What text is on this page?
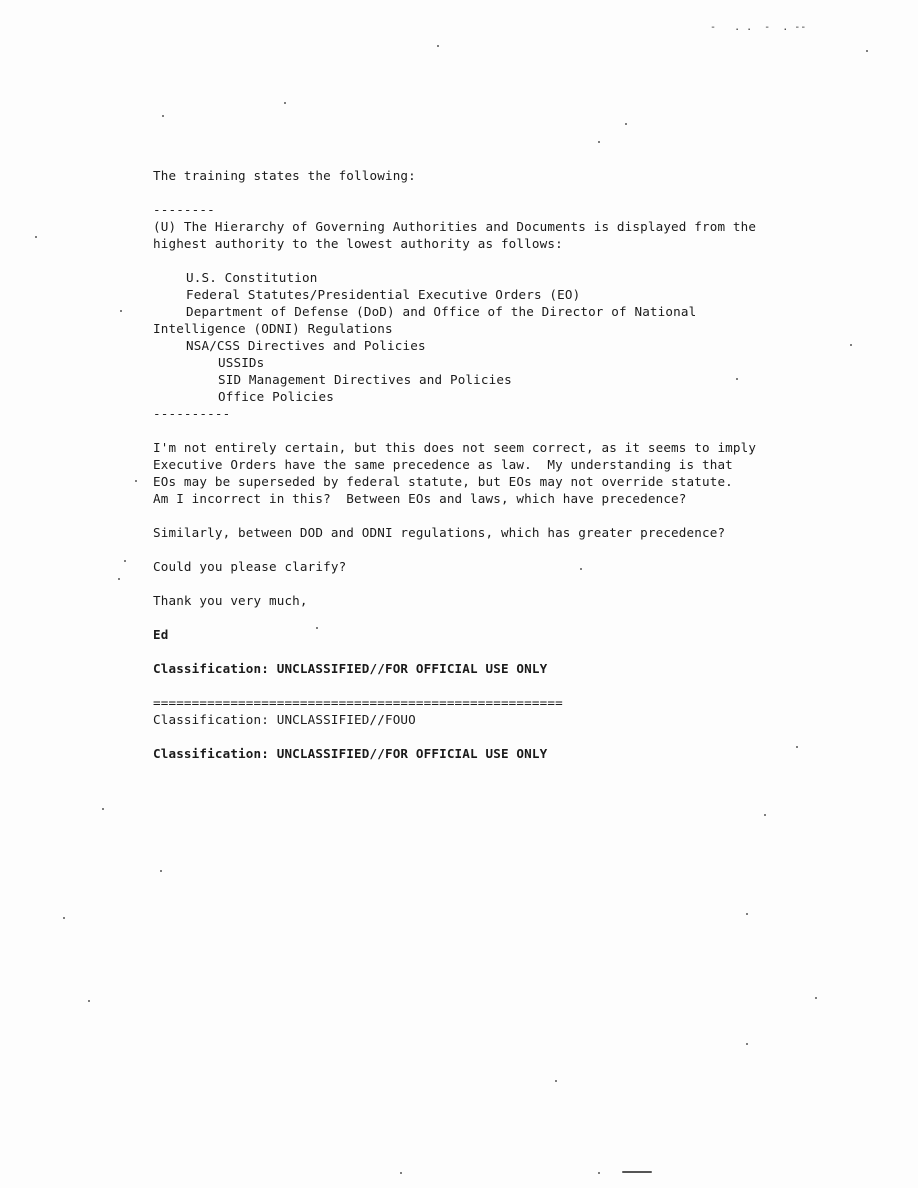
-   . .  -  . --

The training states the following:

--------

(U) The Hierarchy of Governing Authorities and Documents is displayed from the

highest authority to the lowest authority as follows:

U.S. Constitution

Federal Statutes/Presidential Executive Orders (EO)

Department of Defense (DoD) and Office of the Director of National

Intelligence (ODNI) Regulations

NSA/CSS Directives and Policies

USSIDs

SID Management Directives and Policies

Office Policies

----------

I'm not entirely certain, but this does not seem correct, as it seems to imply

Executive Orders have the same precedence as law.  My understanding is that

EOs may be superseded by federal statute, but EOs may not override statute.

Am I incorrect in this?  Between EOs and laws, which have precedence?

Similarly, between DOD and ODNI regulations, which has greater precedence?

Could you please clarify?

Thank you very much,

Ed

Classification: UNCLASSIFIED//FOR OFFICIAL USE ONLY

=====================================================

Classification: UNCLASSIFIED//FOUO

Classification: UNCLASSIFIED//FOR OFFICIAL USE ONLY
